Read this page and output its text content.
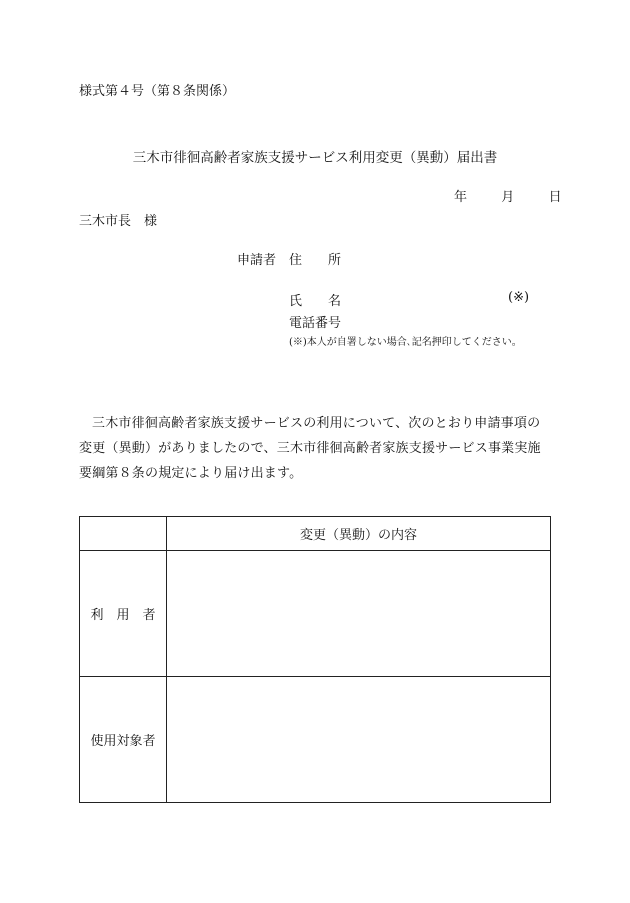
様式第４号（第８条関係）
三木市徘徊高齢者家族支援サービス利用変更（異動）届出書
年	月	日
三木市長　様
申請者 住　　所
氏　　名	(※)
電話番号
(※)本人が自署しない場合､記名押印してください｡
三木市徘徊高齢者家族支援サービスの利用について、次のとおり申請事項の変更（異動）がありましたので、三木市徘徊高齢者家族支援サービス事業実施要綱第８条の規定により届け出ます。
	変更（異動）の内容
利　用　者	
使用対象者	
